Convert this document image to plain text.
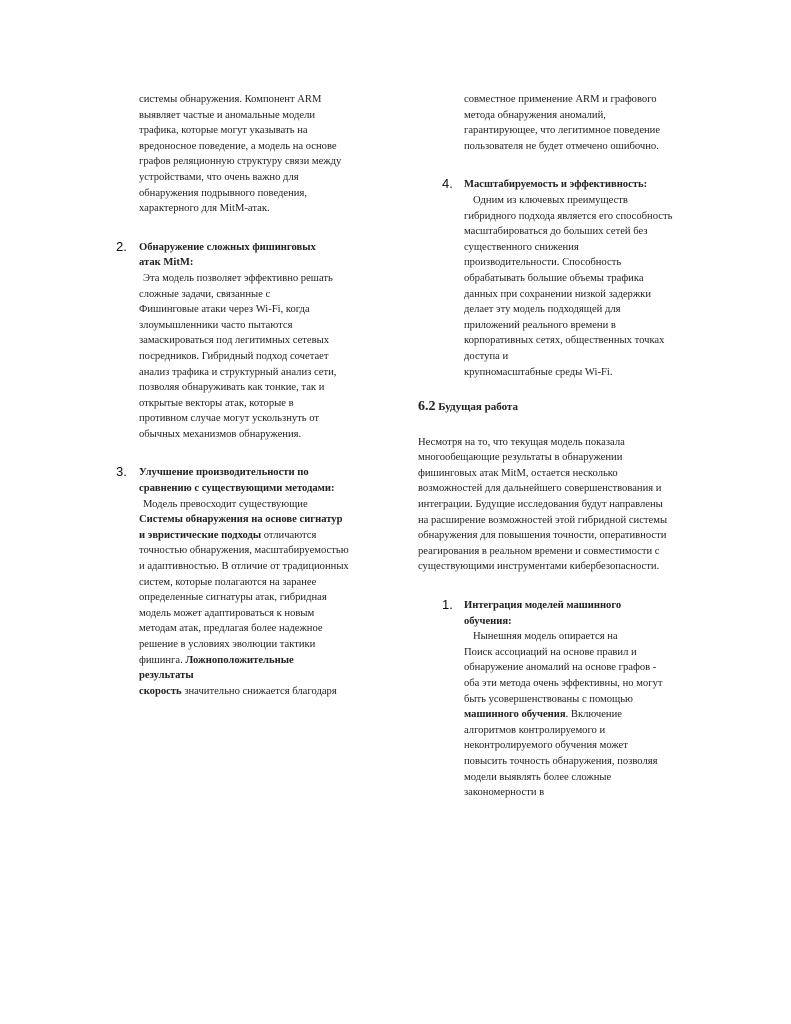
системы обнаружения. Компонент ARM
выявляет частые и аномальные модели
трафика, которые могут указывать на
вредоносное поведение, а модель на основе
графов реляционную структуру связи между
устройствами, что очень важно для
обнаружения подрывного поведения,
характерного для MitM-атак.
2. Обнаружение сложных фишинговых
атак MitM:
Эта модель позволяет эффективно решать
сложные задачи, связанные с
Фишинговые атаки через Wi-Fi, когда
злоумышленники часто пытаются
замаскироваться под легитимных сетевых
посредников. Гибридный подход сочетает
анализ трафика и структурный анализ сети,
позволяя обнаруживать как тонкие, так и
открытые векторы атак, которые в
противном случае могут ускользнуть от
обычных механизмов обнаружения.
3. Улучшение производительности по
сравнению с существующими методами:
Модель превосходит существующие
Системы обнаружения на основе сигнатур
и эвристические подходы отличаются
точностью обнаружения, масштабируемостью
и адаптивностью. В отличие от традиционных
систем, которые полагаются на заранее
определенные сигнатуры атак, гибридная
модель может адаптироваться к новым
методам атак, предлагая более надежное
решение в условиях эволюции тактики
фишинга. Ложноположительные
результаты
скорость значительно снижается благодаря
совместное применение ARM и графового
метода обнаружения аномалий,
гарантирующее, что легитимное поведение
пользователя не будет отмечено ошибочно.
4. Масштабируемость и эффективность:
Одним из ключевых преимуществ
гибридного подхода является его способность
масштабироваться до больших сетей без
существенного снижения
производительности. Способность
обрабатывать большие объемы трафика
данных при сохранении низкой задержки
делает эту модель подходящей для
приложений реального времени в
корпоративных сетях, общественных точках
доступа и
крупномасштабные среды Wi-Fi.
6.2 Будущая работа
Несмотря на то, что текущая модель показала
многообещающие результаты в обнаружении
фишинговых атак MitM, остается несколько
возможностей для дальнейшего совершенствования и
интеграции. Будущие исследования будут направлены
на расширение возможностей этой гибридной системы
обнаружения для повышения точности, оперативности
реагирования в реальном времени и совместимости с
существующими инструментами кибербезопасности.
1. Интеграция моделей машинного
обучения:
Нынешняя модель опирается на
Поиск ассоциаций на основе правил и
обнаружение аномалий на основе графов -
оба эти метода очень эффективны, но могут
быть усовершенствованы с помощью
машинного обучения. Включение
алгоритмов контролируемого и
неконтролируемого обучения может
повысить точность обнаружения, позволяя
модели выявлять более сложные
закономерности в
